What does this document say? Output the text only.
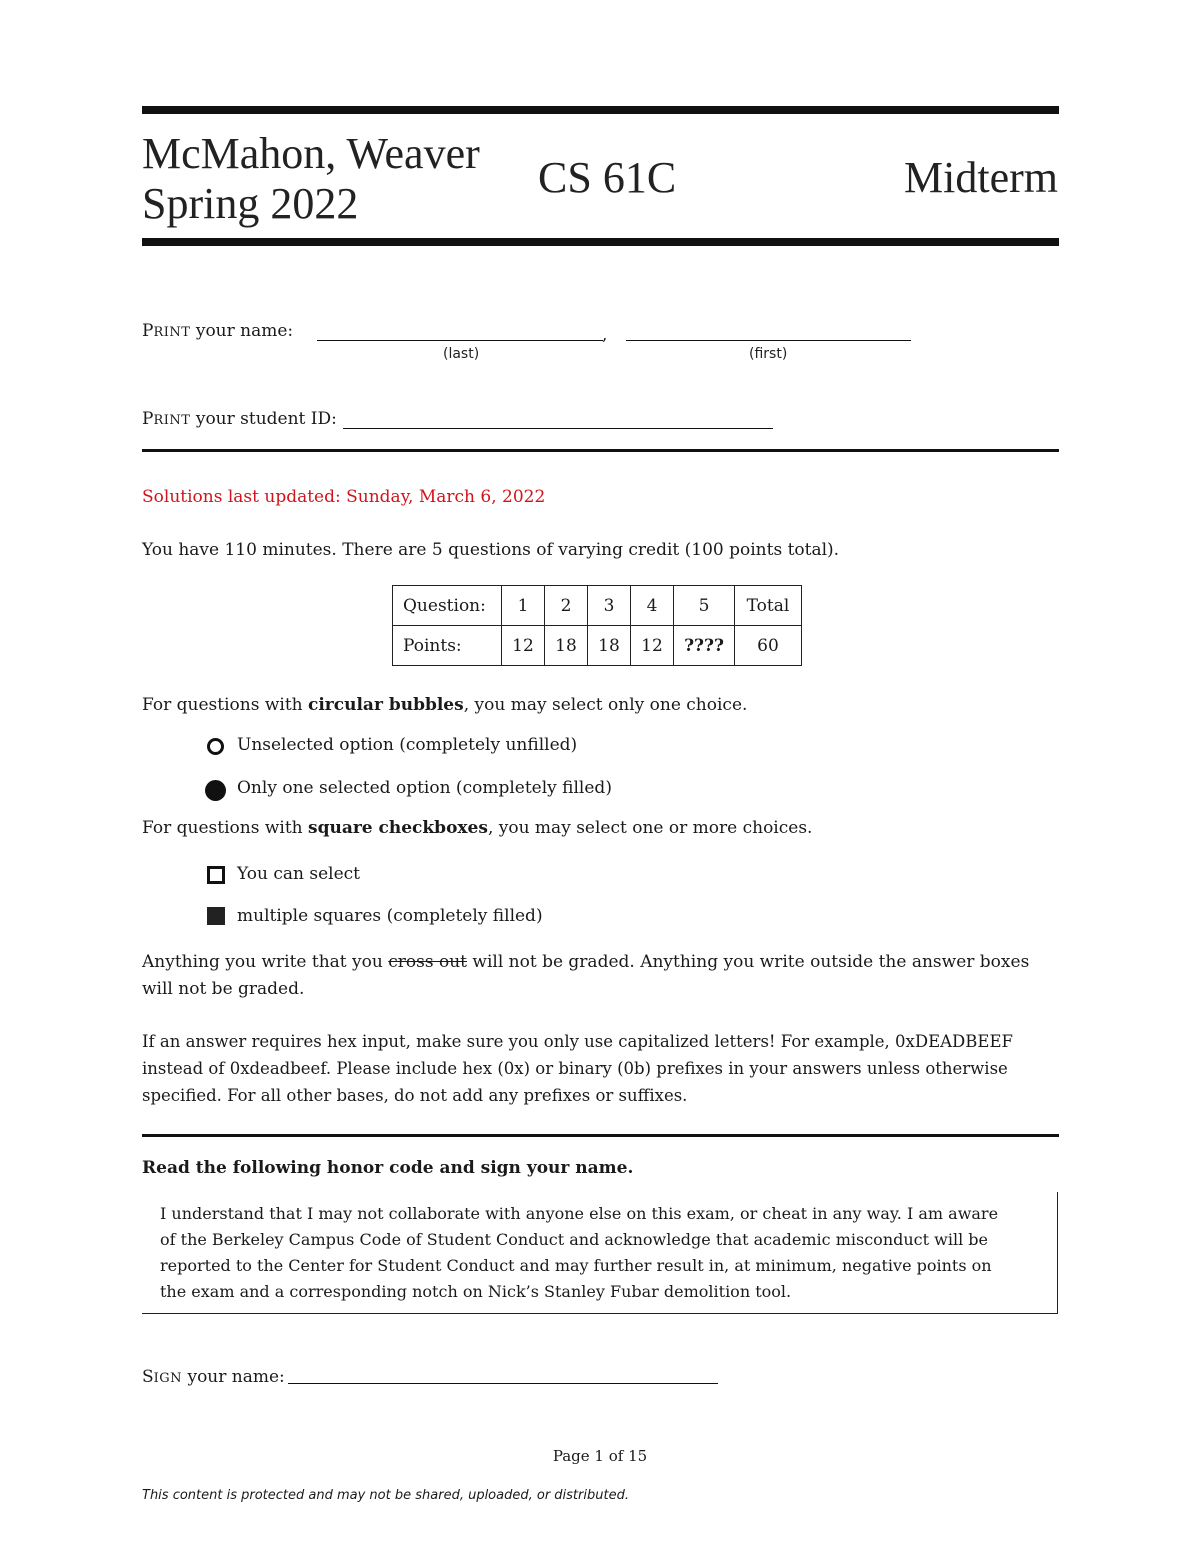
McMahon, Weaver
Spring 2022
CS 61C	Midterm
PRINT your name:	,
(last)	(first)
PRINT your student ID:
Solutions last updated: Sunday, March 6, 2022
You have 110 minutes. There are 5 questions of varying credit (100 points total).
Question:	1	2	3	4	5	Total
Points:	12	18	18	12	????	60
For questions with circular bubbles, you may select only one choice.
Unselected option (completely unfilled)
Only one selected option (completely filled)
For questions with square checkboxes, you may select one or more choices.
You can select
multiple squares (completely filled)
Anything you write that you cross out will not be graded. Anything you write outside the answer boxes
will not be graded.
If an answer requires hex input, make sure you only use capitalized letters! For example, 0xDEADBEEF
instead of 0xdeadbeef. Please include hex (0x) or binary (0b) prefixes in your answers unless otherwise
specified. For all other bases, do not add any prefixes or suffixes.
Read the following honor code and sign your name.
I understand that I may not collaborate with anyone else on this exam, or cheat in any way. I am aware
of the Berkeley Campus Code of Student Conduct and acknowledge that academic misconduct will be
reported to the Center for Student Conduct and may further result in, at minimum, negative points on
the exam and a corresponding notch on Nick’s Stanley Fubar demolition tool.
SIGN your name:
Page 1 of 15
This content is protected and may not be shared, uploaded, or distributed.
